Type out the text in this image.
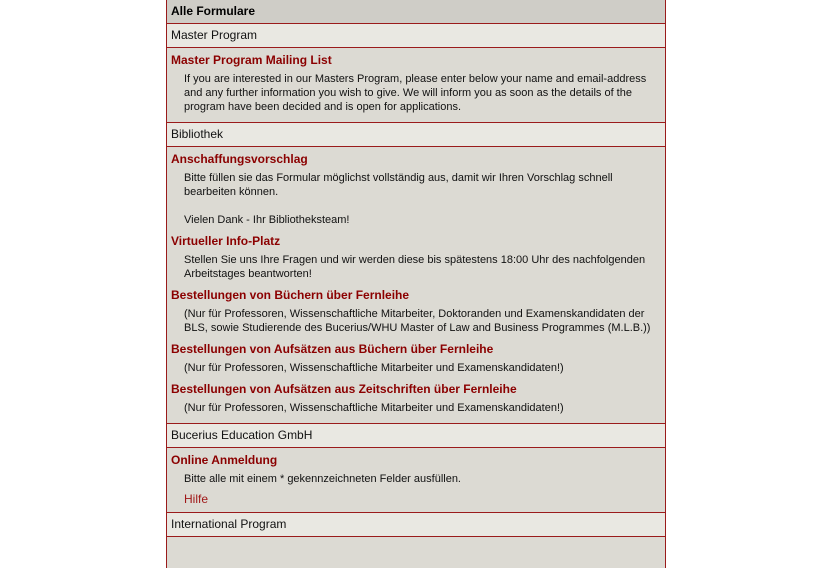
Alle Formulare
Master Program
Master Program Mailing List

If you are interested in our Masters Program, please enter below your name and email-address and any further information you wish to give. We will inform you as soon as the details of the program have been decided and is open for applications.

Bibliothek
Anschaffungsvorschlag

Bitte füllen sie das Formular möglichst vollständig aus, damit wir Ihren Vorschlag schnell bearbeiten können.

Vielen Dank - Ihr Bibliotheksteam!

Virtueller Info-Platz

Stellen Sie uns Ihre Fragen und wir werden diese bis spätestens 18:00 Uhr des nachfolgenden Arbeitstages beantworten!

Bestellungen von Büchern über Fernleihe

(Nur für Professoren, Wissenschaftliche Mitarbeiter, Doktoranden und Examenskandidaten der BLS, sowie Studierende des Bucerius/WHU Master of Law and Business Programmes (M.L.B.))

Bestellungen von Aufsätzen aus Büchern über Fernleihe

(Nur für Professoren, Wissenschaftliche Mitarbeiter und Examenskandidaten!)

Bestellungen von Aufsätzen aus Zeitschriften über Fernleihe

(Nur für Professoren, Wissenschaftliche Mitarbeiter und Examenskandidaten!)

Bucerius Education GmbH
Online Anmeldung

Bitte alle mit einem * gekennzeichneten Felder ausfüllen.

Hilfe
International Program
